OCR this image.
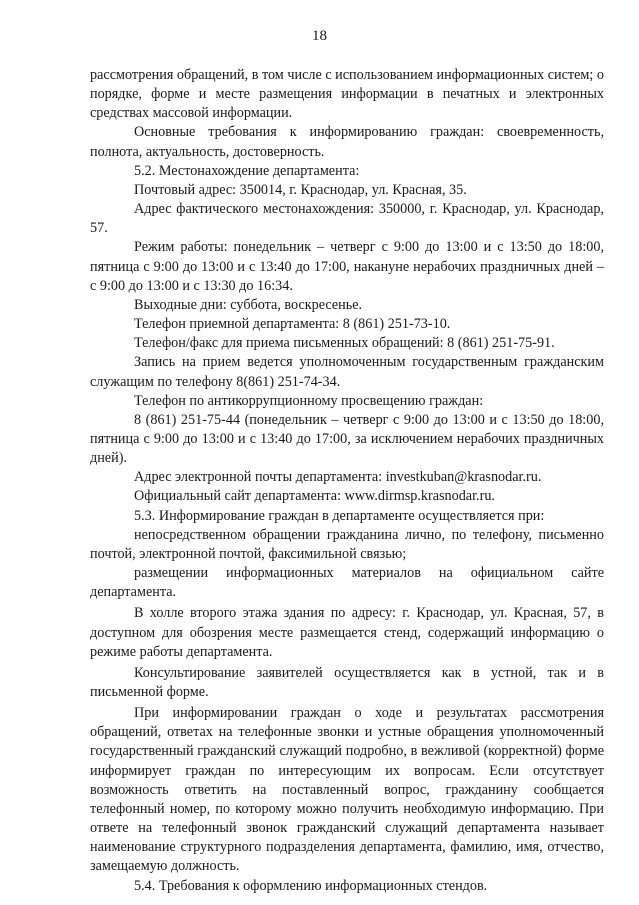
18

рассмотрения обращений, в том числе с использованием информационных систем; о порядке, форме и месте размещения информации в печатных и электронных средствах массовой информации.

Основные требования к информированию граждан: своевременность, полнота, актуальность, достоверность.

5.2. Местонахождение департамента:

Почтовый адрес: 350014, г. Краснодар, ул. Красная, 35.

Адрес фактического местонахождения: 350000, г. Краснодар, ул. Краснодар, 57.

Режим работы: понедельник – четверг с 9:00 до 13:00 и с 13:50 до 18:00, пятница с 9:00 до 13:00 и с 13:40 до 17:00, накануне нерабочих праздничных дней – с 9:00 до 13:00 и с 13:30 до 16:34.

Выходные дни: суббота, воскресенье.

Телефон приемной департамента: 8 (861) 251-73-10.

Телефон/факс для приема письменных обращений: 8 (861) 251-75-91.

Запись на прием ведется уполномоченным государственным гражданским служащим по телефону 8(861) 251-74-34.

Телефон по антикоррупционному просвещению граждан:

8 (861) 251-75-44 (понедельник – четверг с 9:00 до 13:00 и с 13:50 до 18:00, пятница с 9:00 до 13:00 и с 13:40 до 17:00, за исключением нерабочих праздничных дней).

Адрес электронной почты департамента: investkuban@krasnodar.ru.

Официальный сайт департамента: www.dirmsp.krasnodar.ru.

5.3. Информирование граждан в департаменте осуществляется при:

непосредственном обращении гражданина лично, по телефону, письменно почтой, электронной почтой, факсимильной связью;

размещении информационных материалов на официальном сайте департамента.

В холле второго этажа здания по адресу: г. Краснодар, ул. Красная, 57, в доступном для обозрения месте размещается стенд, содержащий информацию о режиме работы департамента.

Консультирование заявителей осуществляется как в устной, так и в письменной форме.

При информировании граждан о ходе и результатах рассмотрения обращений, ответах на телефонные звонки и устные обращения уполномоченный государственный гражданский служащий подробно, в вежливой (корректной) форме информирует граждан по интересующим их вопросам. Если отсутствует возможность ответить на поставленный вопрос, гражданину сообщается телефонный номер, по которому можно получить необходимую информацию. При ответе на телефонный звонок гражданский служащий департамента называет наименование структурного подразделения департамента, фамилию, имя, отчество, замещаемую должность.

5.4. Требования к оформлению информационных стендов.
